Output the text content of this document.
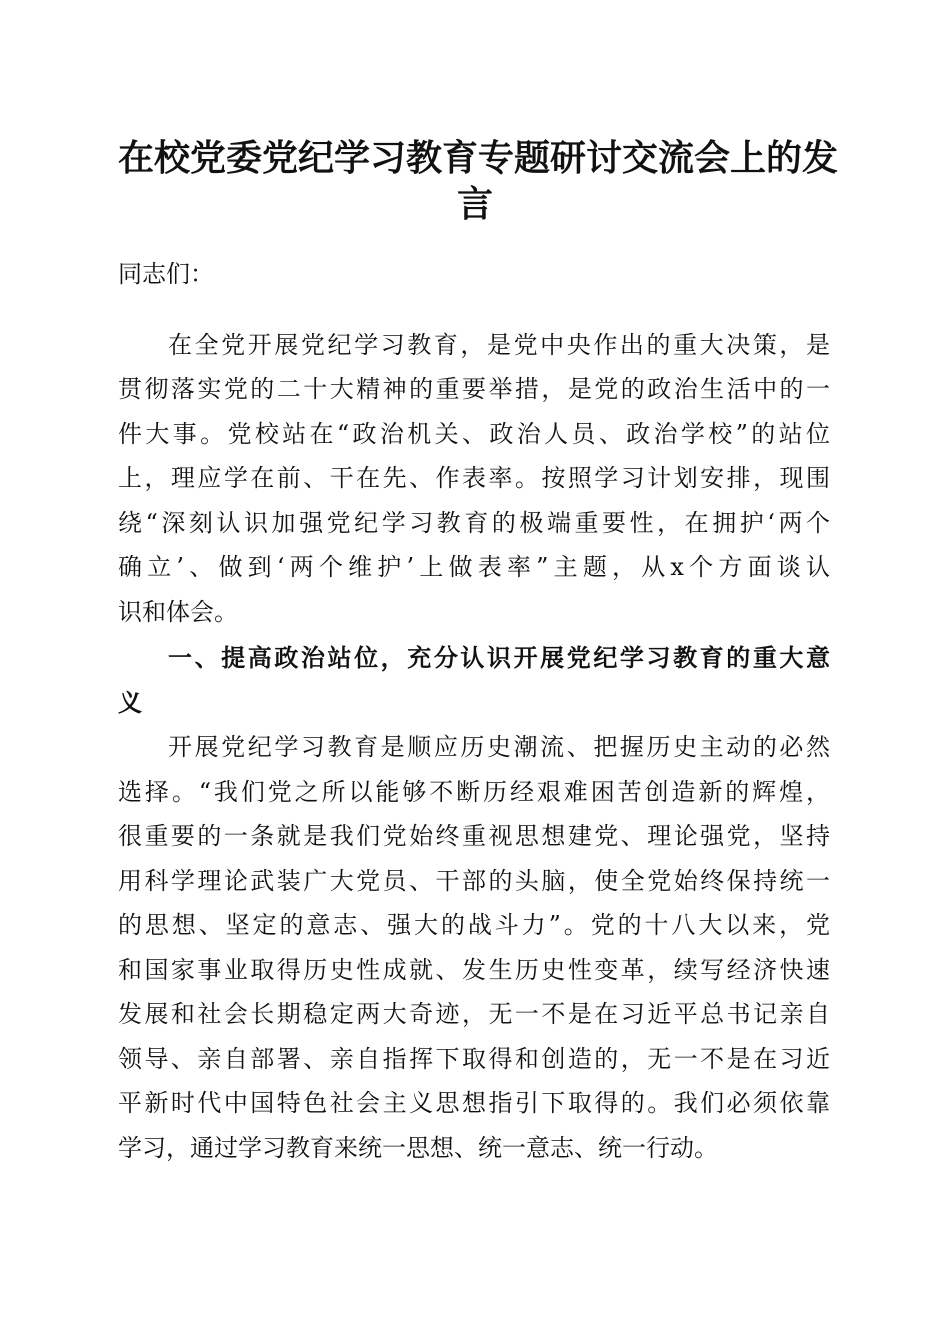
在校党委党纪学习教育专题研讨交流会上的发
言
同志们：
在全党开展党纪学习教育，是党中央作出的重大决策，是
贯彻落实党的二十大精神的重要举措，是党的政治生活中的一
件大事。党校站在“政治机关、政治人员、政治学校”的站位
上，理应学在前、干在先、作表率。按照学习计划安排，现围
绕“深刻认识加强党纪学习教育的极端重要性，在拥护‘两个
确立’、做到‘两个维护’上做表率”主题，从x个方面谈认
识和体会。
一、提高政治站位，充分认识开展党纪学习教育的重大意
义
开展党纪学习教育是顺应历史潮流、把握历史主动的必然
选择。“我们党之所以能够不断历经艰难困苦创造新的辉煌，
很重要的一条就是我们党始终重视思想建党、理论强党，坚持
用科学理论武装广大党员、干部的头脑，使全党始终保持统一
的思想、坚定的意志、强大的战斗力”。党的十八大以来，党
和国家事业取得历史性成就、发生历史性变革，续写经济快速
发展和社会长期稳定两大奇迹，无一不是在习近平总书记亲自
领导、亲自部署、亲自指挥下取得和创造的，无一不是在习近
平新时代中国特色社会主义思想指引下取得的。我们必须依靠
学习，通过学习教育来统一思想、统一意志、统一行动。
